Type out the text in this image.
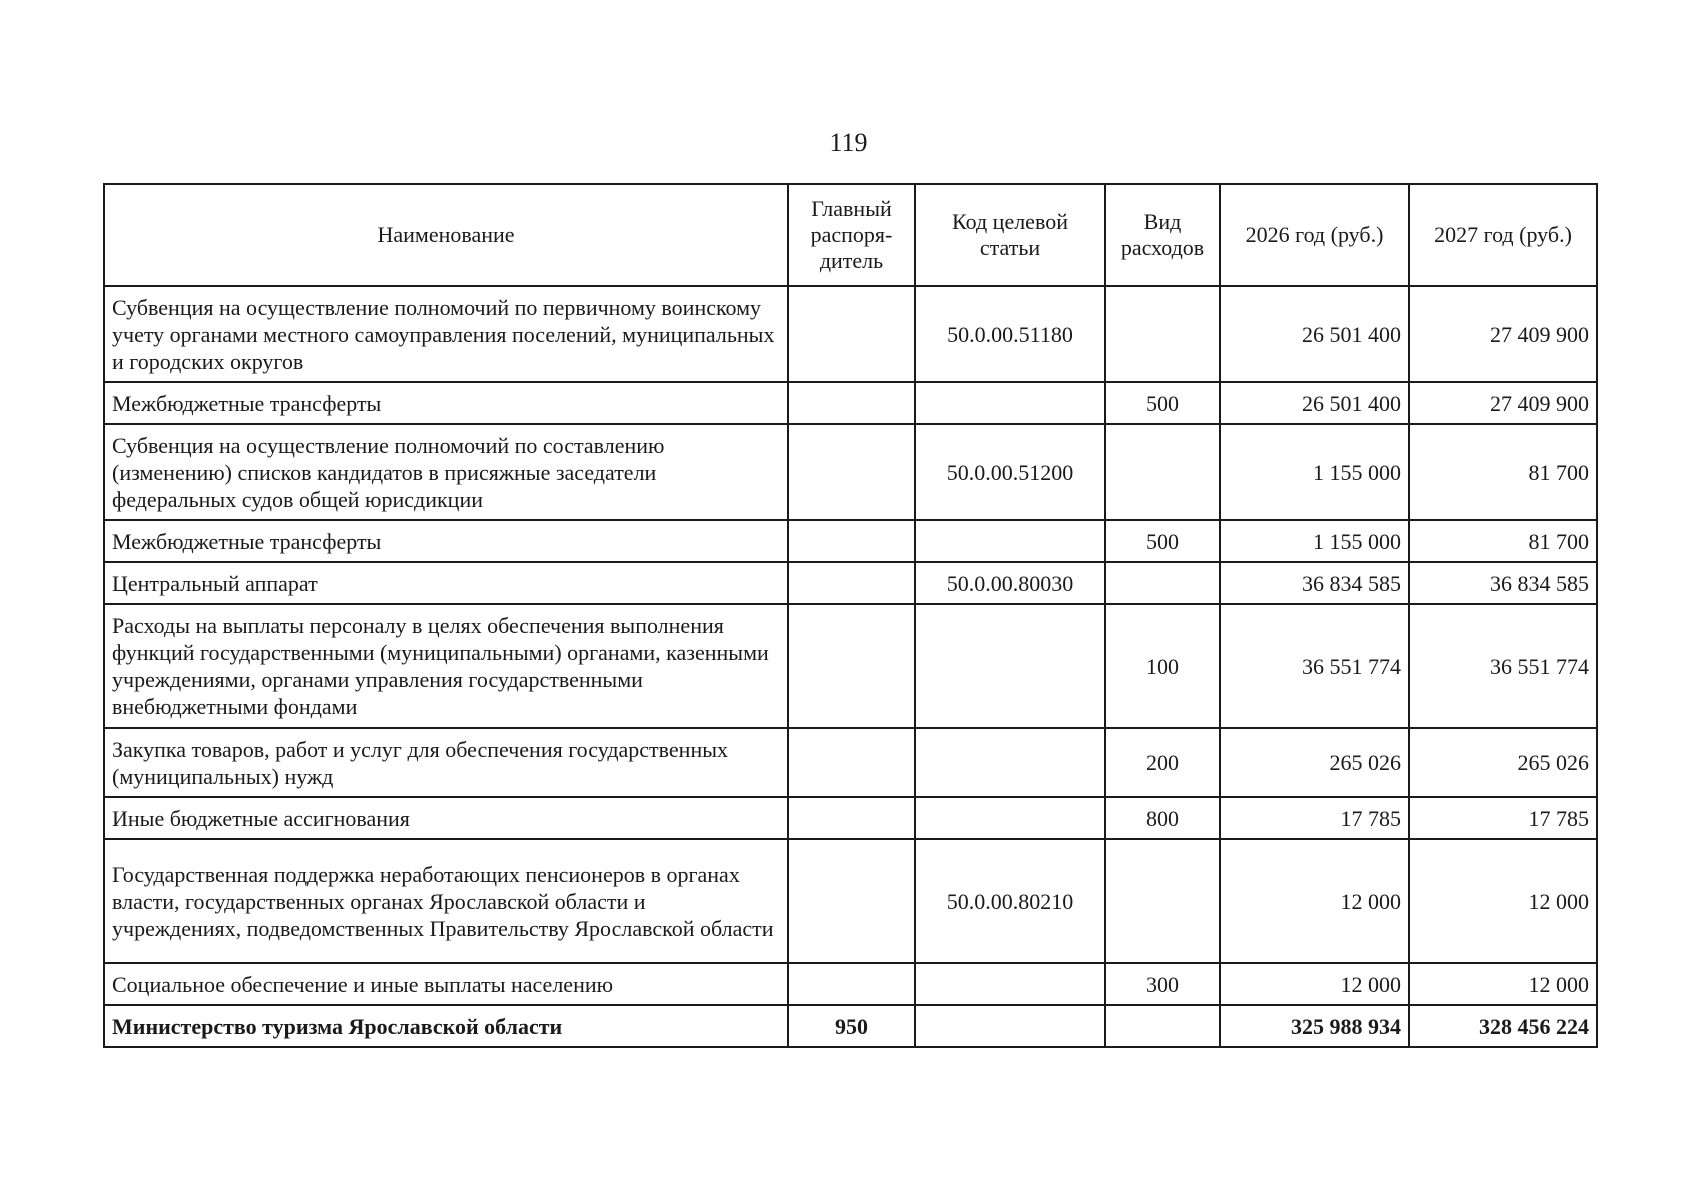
119
Наименование	Главный распоря-дитель	Код целевой статьи	Вид расходов	2026 год (руб.)	2027 год (руб.)
Субвенция на осуществление полномочий по первичному воинскому учету органами местного самоуправления поселений, муниципальных и городских округов		50.0.00.51180		26 501 400	27 409 900
Межбюджетные трансферты			500	26 501 400	27 409 900
Субвенция на осуществление полномочий по составлению (изменению) списков кандидатов в присяжные заседатели федеральных судов общей юрисдикции		50.0.00.51200		1 155 000	81 700
Межбюджетные трансферты			500	1 155 000	81 700
Центральный аппарат		50.0.00.80030		36 834 585	36 834 585
Расходы на выплаты персоналу в целях обеспечения выполнения функций государственными (муниципальными) органами, казенными учреждениями, органами управления государственными внебюджетными фондами			100	36 551 774	36 551 774
Закупка товаров, работ и услуг для обеспечения государственных (муниципальных) нужд			200	265 026	265 026
Иные бюджетные ассигнования			800	17 785	17 785
Государственная поддержка неработающих пенсионеров в органах власти, государственных органах Ярославской области и учреждениях, подведомственных Правительству Ярославской области		50.0.00.80210		12 000	12 000
Социальное обеспечение и иные выплаты населению			300	12 000	12 000
Министерство туризма Ярославской области	950			325 988 934	328 456 224
